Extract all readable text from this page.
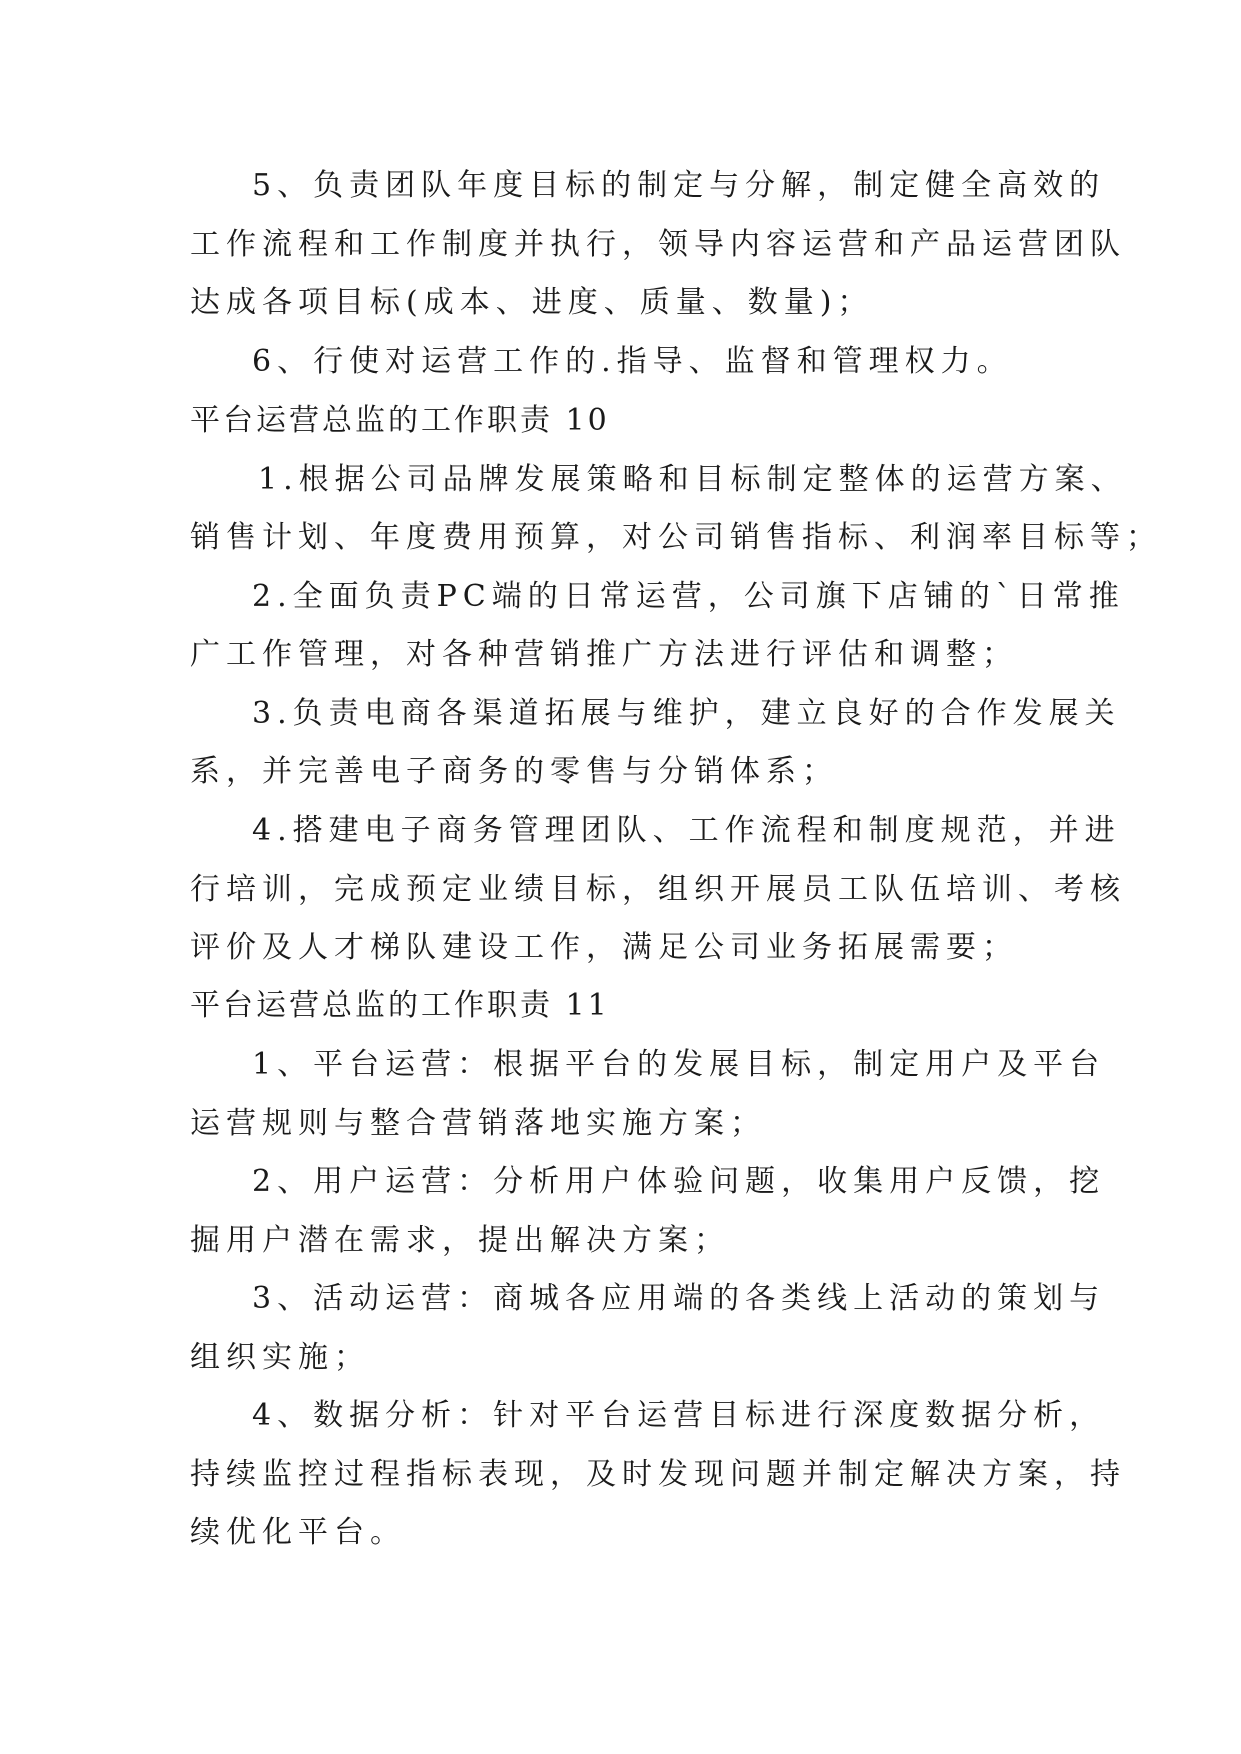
5、负责团队年度目标的制定与分解，制定健全高效的
工作流程和工作制度并执行，领导内容运营和产品运营团队
达成各项目标(成本、进度、质量、数量)；
6、行使对运营工作的.指导、监督和管理权力。
平台运营总监的工作职责 10
1.根据公司品牌发展策略和目标制定整体的运营方案、
销售计划、年度费用预算，对公司销售指标、利润率目标等；
2.全面负责PC端的日常运营，公司旗下店铺的`日常推
广工作管理，对各种营销推广方法进行评估和调整；
3.负责电商各渠道拓展与维护，建立良好的合作发展关
系，并完善电子商务的零售与分销体系；
4.搭建电子商务管理团队、工作流程和制度规范，并进
行培训，完成预定业绩目标，组织开展员工队伍培训、考核
评价及人才梯队建设工作，满足公司业务拓展需要；
平台运营总监的工作职责 11
1、平台运营：根据平台的发展目标，制定用户及平台
运营规则与整合营销落地实施方案；
2、用户运营：分析用户体验问题，收集用户反馈，挖
掘用户潜在需求，提出解决方案；
3、活动运营：商城各应用端的各类线上活动的策划与
组织实施；
4、数据分析：针对平台运营目标进行深度数据分析，
持续监控过程指标表现，及时发现问题并制定解决方案，持
续优化平台。
